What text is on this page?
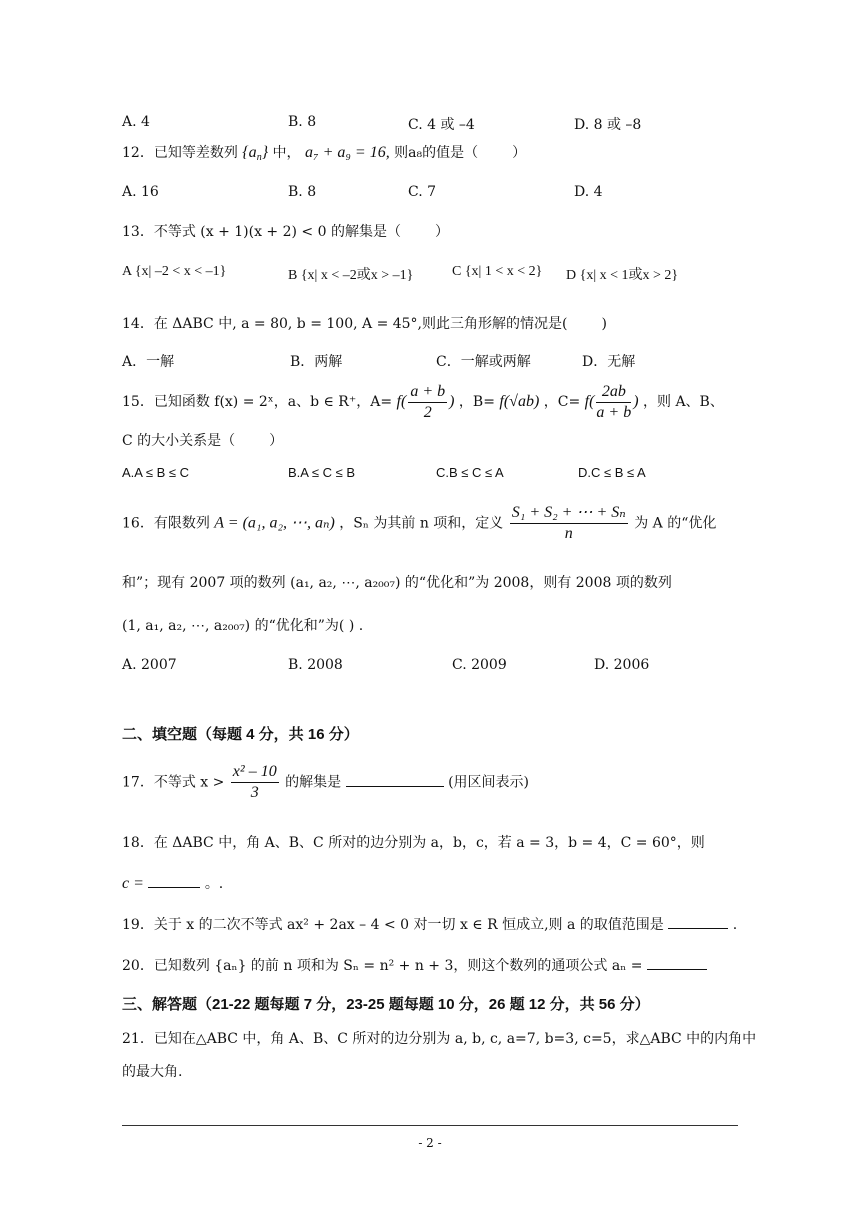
A. 4	B. 8	C. 4 或 –4	D. 8 或 –8
12．已知等差数列 $\{a_n\}$ 中， a₇ + a₉ = 16, 则a₈的值是（ ）
A. 16	B. 8	C. 7	D. 4
13．不等式 (x + 1)(x + 2) < 0 的解集是（ ）
A {x| –2 < x < –1}	B {x| x < –2或x > –1}	C {x| 1 < x < 2} D {x| x < 1或x > 2}
14．在 ΔABC 中, a = 80, b = 100, A = 45°,则此三角形解的情况是( )
A．一解	B．两解	C．一解或两解	D．无解
15．已知函数 f(x) = 2ˣ，a、b ∈ R⁺，$A= f( \frac{a + b}{2}$ ) ，B= f(√ab) ，$C= f( \frac{2ab}{a + b}$ ) ，则 A、B、
C 的大小关系是（ ）
A.A ≤ B ≤ C	B.A ≤ C ≤ B	C.B ≤ C ≤ A	D.C ≤ B ≤ A
16．有限数列 A = (a₁, a₂, ⋯, aₙ) ，Sₙ 为其前 n 项和，定义 $\frac{\text{S₁ + S₂ + ⋯ + Sₙ}}{n}$ 为 A 的“优化
和”；现有 2007 项的数列 (a₁, a₂, ⋯, a₂₀₀₇) 的“优化和”为 2008，则有 2008 项的数列
(1, a₁, a₂, ⋯, a₂₀₀₇) 的“优化和”为( ) .
A. 2007	B. 2008	C. 2009	D. 2006
二、填空题（每题 4 分，共 16 分）
17．不等式 $x > \frac{\text{x² – 10}}{3}$ 的解集是	(用区间表示)
18．在 ΔABC 中，角 A、B、C 所对的边分别为 a，b，c，若 a = 3，b = 4，C = 60°，则
c =	。.
19．关于 x 的二次不等式 ax² + 2ax – 4 < 0 对一切 x ∈ R 恒成立,则 a 的取值范围是	.
20．已知数列 {aₙ} 的前 n 项和为 Sₙ = n² + n + 3，则这个数列的通项公式 aₙ =
三、解答题（21-22 题每题 7 分，23-25 题每题 10 分，26 题 12 分，共 56 分）
21．已知在△ABC 中，角 A、B、C 所对的边分别为 a, b, c, a=7, b=3, c=5，求△ABC 中的内角中
的最大角.
- 2 -
